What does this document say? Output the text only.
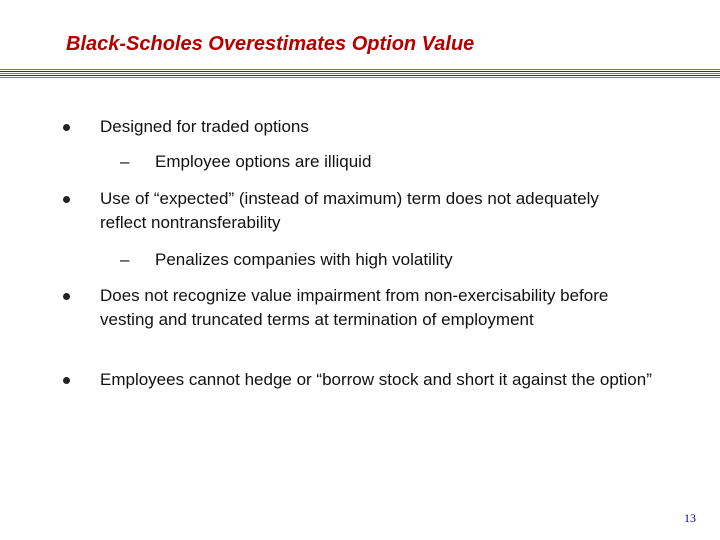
Black-Scholes Overestimates Option Value
Designed for traded options
– Employee options are illiquid
Use of “expected” (instead of maximum) term does not adequately reflect nontransferability
– Penalizes companies with high volatility
Does not recognize value impairment from non-exercisability before vesting and truncated terms at termination of employment
Employees cannot hedge or “borrow stock and short it against the option”
13
